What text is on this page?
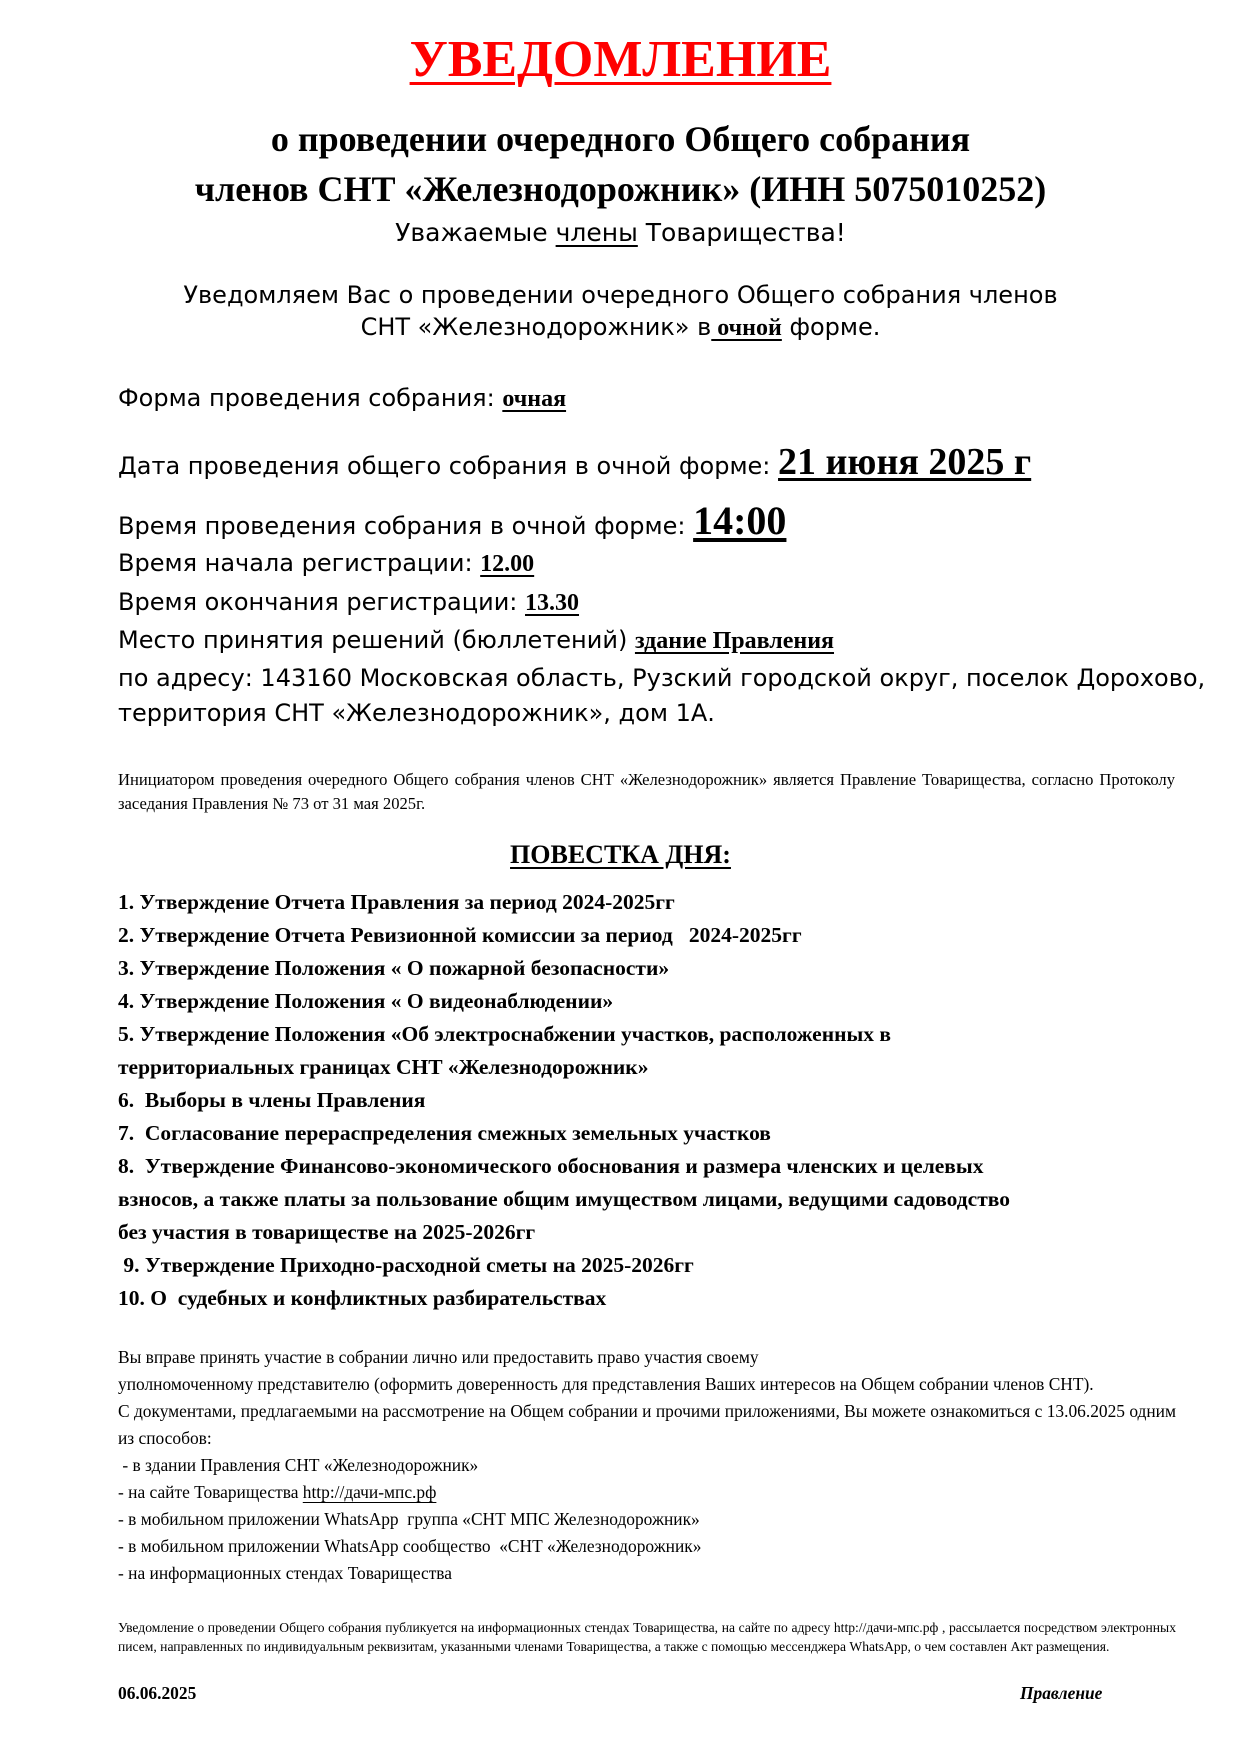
УВЕДОМЛЕНИЕ
о проведении очередного Общего собрания
членов СНТ «Железнодорожник» (ИНН 5075010252)
Уважаемые члены Товарищества!
Уведомляем Вас о проведении очередного Общего собрания членов
СНТ «Железнодорожник» в очной форме.
Форма проведения собрания: очная
Дата проведения общего собрания в очной форме: 21 июня 2025 г
Время проведения собрания в очной форме: 14:00
Время начала регистрации: 12.00
Время окончания регистрации: 13.30
Место принятия решений (бюллетений) здание Правления
по адресу: 143160 Московская область, Рузский городской округ, поселок Дорохово,
территория СНТ «Железнодорожник», дом 1А.
Инициатором проведения очередного Общего собрания членов СНТ «Железнодорожник» является Правление Товарищества, согласно Протоколу заседания Правления № 73 от 31 мая 2025г.
ПОВЕСТКА ДНЯ:
1. Утверждение Отчета Правления за период 2024-2025гг
2. Утверждение Отчета Ревизионной комиссии за период   2024-2025гг
3. Утверждение Положения « О пожарной безопасности»
4. Утверждение Положения « О видеонаблюдении»
5. Утверждение Положения «Об электроснабжении участков, расположенных в
территориальных границах СНТ «Железнодорожник»
6.  Выборы в члены Правления
7.  Согласование перераспределения смежных земельных участков
8.  Утверждение Финансово-экономического обоснования и размера членских и целевых
взносов, а также платы за пользование общим имуществом лицами, ведущими садоводство
без участия в товариществе на 2025-2026гг
9. Утверждение Приходно-расходной сметы на 2025-2026гг
10. О  судебных и конфликтных разбирательствах
Вы вправе принять участие в собрании лично или предоставить право участия своему
уполномоченному представителю (оформить доверенность для представления Ваших интересов на Общем собрании членов СНТ).
С документами, предлагаемыми на рассмотрение на Общем собрании и прочими приложениями, Вы можете ознакомиться с 13.06.2025 одним из способов:
- в здании Правления СНТ «Железнодорожник»
- на сайте Товарищества http://дачи-мпс.рф
- в мобильном приложении WhatsApp  группа «СНТ МПС Железнодорожник»
- в мобильном приложении WhatsApp сообщество  «СНТ «Железнодорожник»
- на информационных стендах Товарищества
Уведомление о проведении Общего собрания публикуется на информационных стендах Товарищества, на сайте по адресу http://дачи-мпс.рф , рассылается посредством электронных писем, направленных по индивидуальным реквизитам, указанными членами Товарищества, а также с помощью мессенджера WhatsApp, о чем составлен Акт размещения.
06.06.2025	Правление
